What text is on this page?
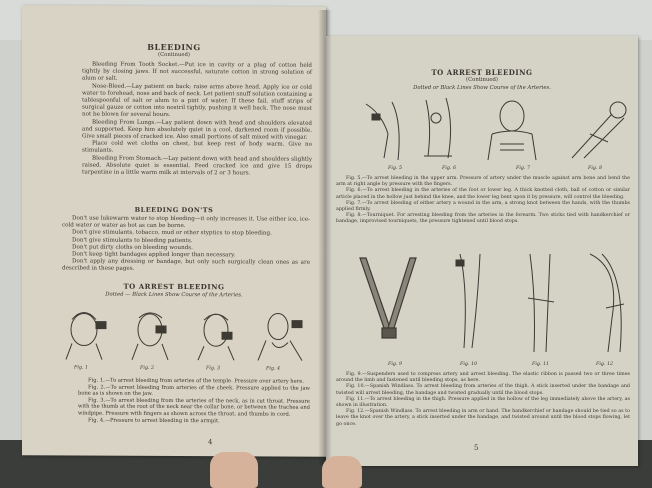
BLEEDING
(Continued)

Bleeding From Tooth Socket.—Put ice in cavity or a plug of cotton held tightly by closing jaws. If not successful, saturate cotton in strong solution of alum or salt.

Nose-Bleed.—Lay patient on back; raise arms above head. Apply ice or cold water to forehead, nose and back of neck. Let patient snuff solution containing a tablespoonful of salt or alum to a pint of water. If these fail, stuff strips of surgical gauze or cotton into nostril tightly, pushing it well back. The nose must not be blown for several hours.

Bleeding From Lungs.—Lay patient down with head and shoulders elevated and supported. Keep him absolutely quiet in a cool, darkened room if possible. Give small pieces of cracked ice. Also small portions of salt mixed with vinegar.

Place cold wet cloths on chest, but keep rest of body warm. Give no stimulants.

Bleeding From Stomach.—Lay patient down with head and shoulders slightly raised. Absolute quiet is essential. Feed cracked ice and give 15 drops turpentine in a little warm milk at intervals of 2 or 3 hours.

BLEEDING DON'TS

Don't use lukewarm water to stop bleeding—it only increases it. Use either ice, ice-cold water or water as hot as can be borne.

Don't give stimulants, tobacco, mud or other styptics to stop bleeding.

Don't give stimulants to bleeding patients.

Don't put dirty cloths on bleeding wounds.

Don't keep tight bandages applied longer than necessary.

Don't apply any dressing or bandage, but only such surgically clean ones as are described in these pages.

TO ARREST BLEEDING
Dotted — Black Lines Show Course of the Arteries.
Fig. 1	Fig. 2	Fig. 3	Fig. 4

Fig. 1.—To arrest bleeding from arteries of the temple. Pressure over artery here.

Fig. 2.—To arrest bleeding from arteries of the cheek. Pressure applied to the jaw bone as is shown on the jaw.

Fig. 3.—To arrest bleeding from the arteries of the neck, as in cut throat. Pressure with the thumb at the root of the neck near the collar bone, or between the trachea and windpipe. Pressure with fingers as shown across the throat, and thumbs in cord.

Fig. 4.—Pressure to arrest bleeding in the armpit.

4
TO ARREST BLEEDING
(Continued)
Dotted or Black Lines Show Course of the Arteries.
Fig. 5	Fig. 6	Fig. 7	Fig. 8

Fig. 5.—To arrest bleeding in the upper arm. Pressure of artery under the muscle against arm bone and bend the arm at right angle by pressure with the fingers.

Fig. 6.—To arrest bleeding in the arteries of the foot or lower leg. A thick knotted cloth, ball of cotton or similar article placed in the hollow just behind the knee, and the lower leg bent upon it by pressure, will control the bleeding.

Fig. 7.—To arrest bleeding of either artery a wound in the arm, a strong knot between the hands, with the thumbs applied firmly.

Fig. 8.—Tourniquet. For arresting bleeding from the arteries in the forearm. Two sticks tied with handkerchief or bandage, improvised tourniquets, the pressure tightened until blood stops.

Fig. 9	Fig. 10	Fig. 11	Fig. 12

Fig. 9.—Suspenders used to compress artery and arrest bleeding. The elastic ribbon is passed two or three times around the limb and fastened until bleeding stops, as here.

Fig. 10.—Spanish Windlass. To arrest bleeding from arteries of the thigh. A stick inserted under the bandage and twisted will arrest bleeding, the bandage and twisted gradually until the blood stops.

Fig. 11.—To arrest bleeding in the thigh. Pressure applied in the hollow of the leg immediately above the artery, as shown in illustration.

Fig. 12.—Spanish Windlass. To arrest bleeding in arm or hand. The handkerchief or bandage should be tied so as to leave the knot over the artery, a stick inserted under the bandage, and twisted around until the blood stops flowing, let go once.

5
